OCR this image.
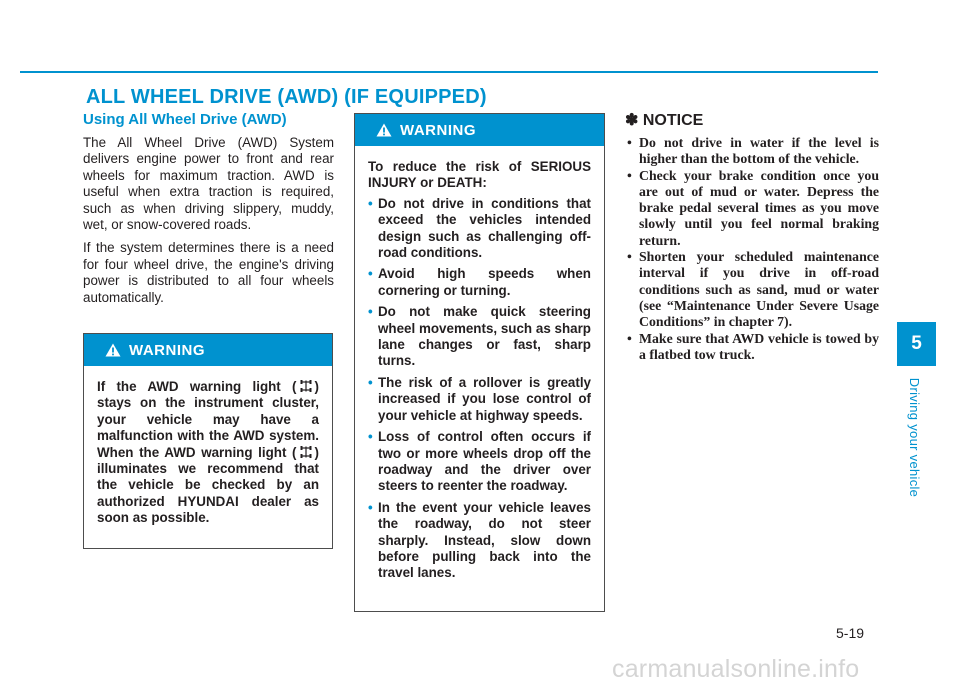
ALL WHEEL DRIVE (AWD) (IF EQUIPPED)
Using All Wheel Drive (AWD)

The All Wheel Drive (AWD) System delivers engine power to front and rear wheels for maximum traction. AWD is useful when extra traction is required, such as when driving slippery, muddy, wet, or snow-covered roads.

If the system determines there is a need for four wheel drive, the engine's driving power is distributed to all four wheels automatically.

WARNING
If the AWD warning light ( ) stays on the instrument cluster, your vehicle may have a malfunction with the AWD system. When the AWD warning light ( ) illuminates we recommend that the vehicle be checked by an authorized HYUNDAI dealer as soon as possible.
WARNING
To reduce the risk of SERIOUS INJURY or DEATH:
• Do not drive in conditions that exceed the vehicles intended design such as challenging off-road conditions.
• Avoid high speeds when cornering or turning.
• Do not make quick steering wheel movements, such as sharp lane changes or fast, sharp turns.
• The risk of a rollover is greatly increased if you lose control of your vehicle at highway speeds.
• Loss of control often occurs if two or more wheels drop off the roadway and the driver over steers to reenter the roadway.
• In the event your vehicle leaves the roadway, do not steer sharply. Instead, slow down before pulling back into the travel lanes.
✽ NOTICE
• Do not drive in water if the level is higher than the bottom of the vehicle.
• Check your brake condition once you are out of mud or water. Depress the brake pedal several times as you move slowly until you feel normal braking return.
• Shorten your scheduled maintenance interval if you drive in off-road conditions such as sand, mud or water (see “Maintenance Under Severe Usage Conditions” in chapter 7).
• Make sure that AWD vehicle is towed by a flatbed tow truck.
5
Driving your vehicle
5-19
carmanualsonline.info
